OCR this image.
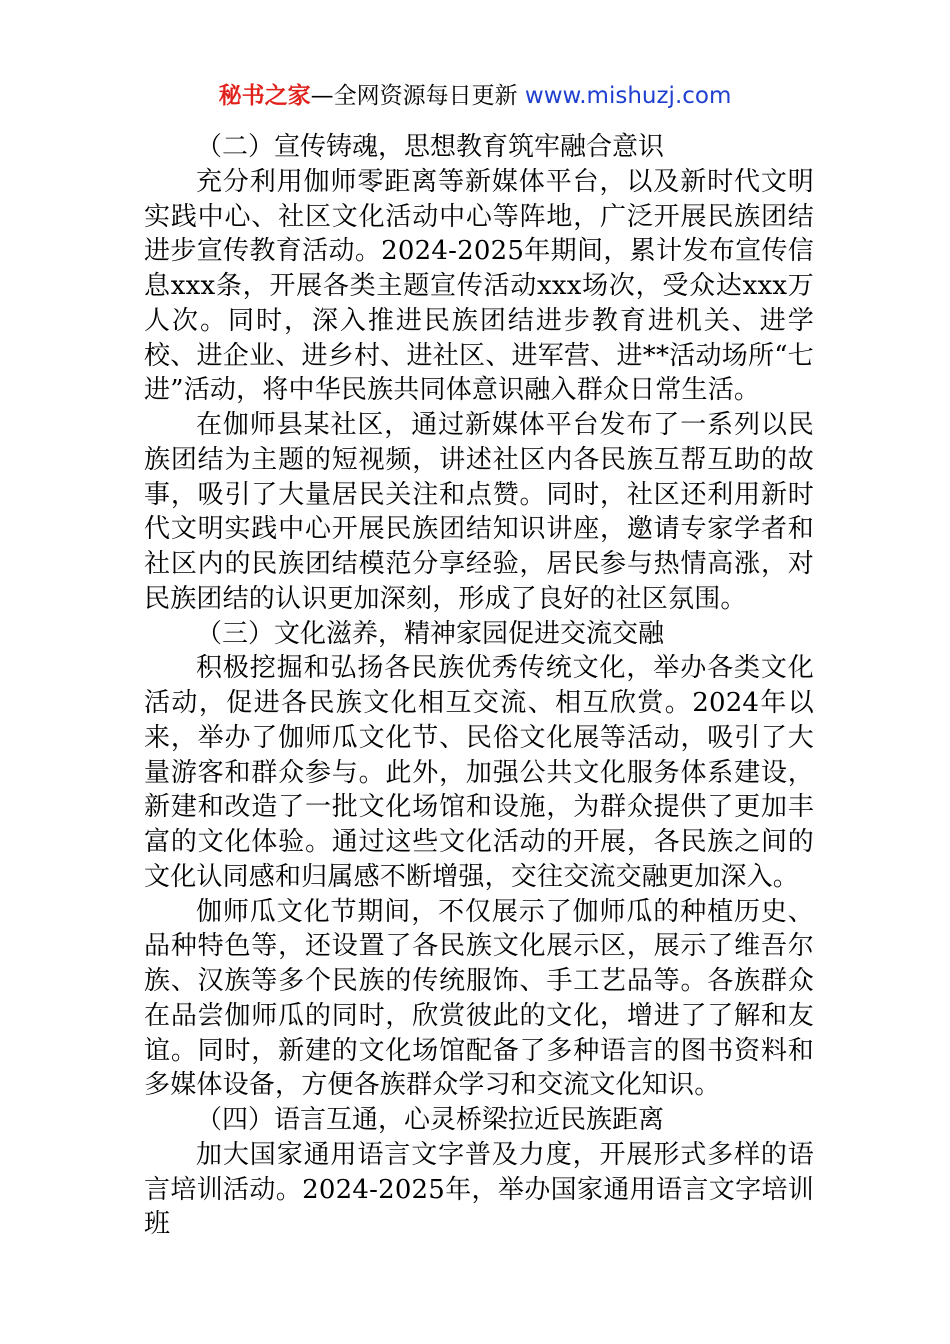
秘书之家—全网资源每日更新 www.mishuzj.com

（二）宣传铸魂，思想教育筑牢融合意识

充分利用伽师零距离等新媒体平台，以及新时代文明实践中心、社区文化活动中心等阵地，广泛开展民族团结进步宣传教育活动。2024-2025年期间，累计发布宣传信息xxx条，开展各类主题宣传活动xxx场次，受众达xxx万人次。同时，深入推进民族团结进步教育进机关、进学校、进企业、进乡村、进社区、进军营、进**活动场所“七进”活动，将中华民族共同体意识融入群众日常生活。

在伽师县某社区，通过新媒体平台发布了一系列以民族团结为主题的短视频，讲述社区内各民族互帮互助的故事，吸引了大量居民关注和点赞。同时，社区还利用新时代文明实践中心开展民族团结知识讲座，邀请专家学者和社区内的民族团结模范分享经验，居民参与热情高涨，对民族团结的认识更加深刻，形成了良好的社区氛围。

（三）文化滋养，精神家园促进交流交融

积极挖掘和弘扬各民族优秀传统文化，举办各类文化活动，促进各民族文化相互交流、相互欣赏。2024年以来，举办了伽师瓜文化节、民俗文化展等活动，吸引了大量游客和群众参与。此外，加强公共文化服务体系建设，新建和改造了一批文化场馆和设施，为群众提供了更加丰富的文化体验。通过这些文化活动的开展，各民族之间的文化认同感和归属感不断增强，交往交流交融更加深入。

伽师瓜文化节期间，不仅展示了伽师瓜的种植历史、品种特色等，还设置了各民族文化展示区，展示了维吾尔族、汉族等多个民族的传统服饰、手工艺品等。各族群众在品尝伽师瓜的同时，欣赏彼此的文化，增进了了解和友谊。同时，新建的文化场馆配备了多种语言的图书资料和多媒体设备，方便各族群众学习和交流文化知识。

（四）语言互通，心灵桥梁拉近民族距离

加大国家通用语言文字普及力度，开展形式多样的语言培训活动。2024-2025年，举办国家通用语言文字培训班
